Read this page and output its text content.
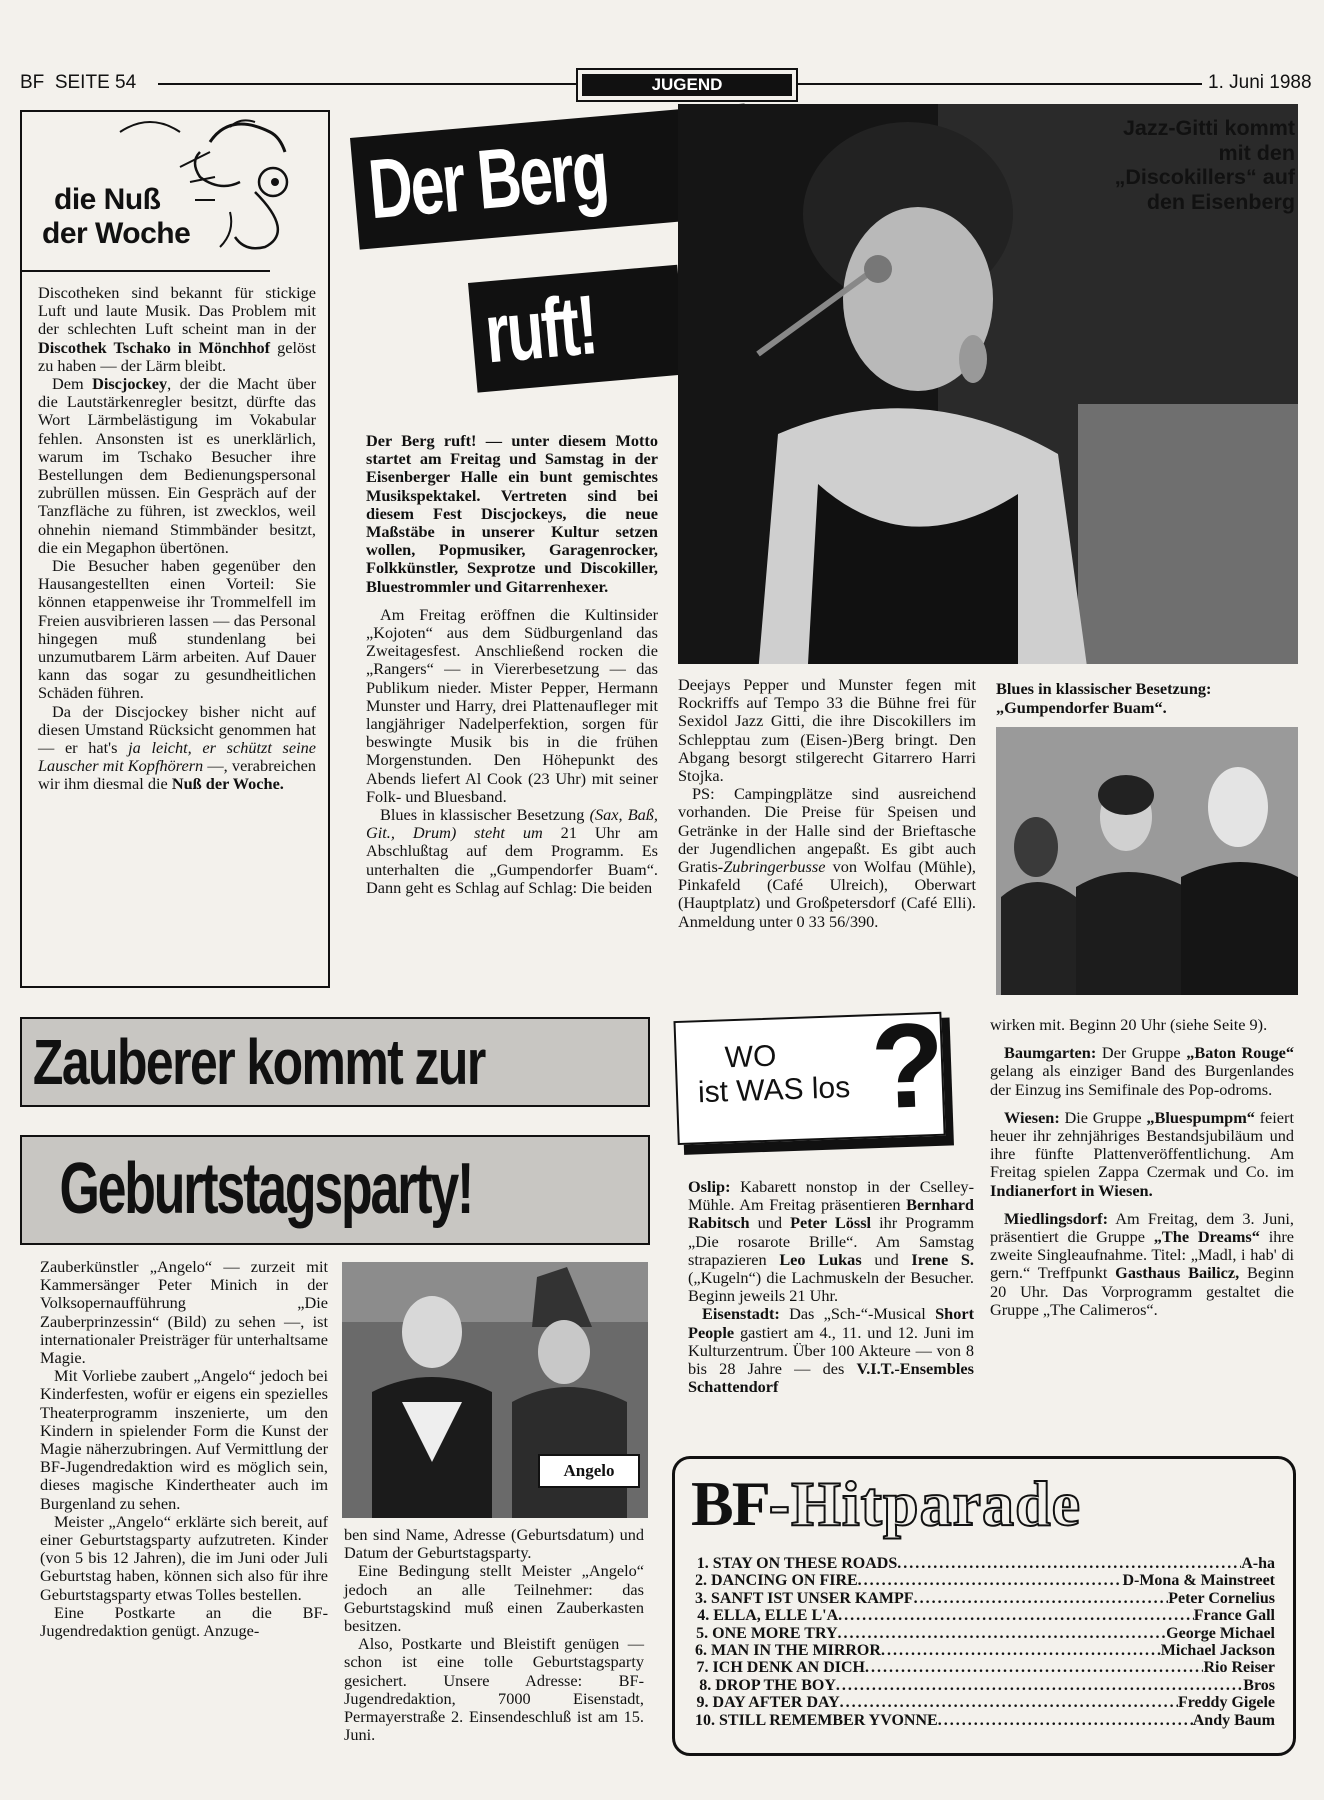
BF  SEITE 54	JUGEND	1. Juni 1988
die Nuß
der Woche

Discotheken sind bekannt für stickige Luft und laute Musik. Das Problem mit der schlechten Luft scheint man in der Discothek Tschako in Mönchhof gelöst zu haben — der Lärm bleibt.

Dem Discjockey, der die Macht über die Lautstärkenregler besitzt, dürfte das Wort Lärmbelästigung im Vokabular fehlen. Ansonsten ist es unerklärlich, warum im Tschako Besucher ihre Bestellungen dem Bedienungspersonal zubrüllen müssen. Ein Gespräch auf der Tanzfläche zu führen, ist zwecklos, weil ohnehin niemand Stimmbänder besitzt, die ein Megaphon übertönen.

Die Besucher haben gegenüber den Hausangestellten einen Vorteil: Sie können etappenweise ihr Trommelfell im Freien ausvibrieren lassen — das Personal hingegen muß stundenlang bei unzumutbarem Lärm arbeiten. Auf Dauer kann das sogar zu gesundheitlichen Schäden führen.

Da der Discjockey bisher nicht auf diesen Umstand Rücksicht genommen hat — er hat's ja leicht, er schützt seine Lauscher mit Kopfhörern —, verabreichen wir ihm diesmal die Nuß der Woche.

Der Berg
ruft!
Jazz-Gitti kommt mit den „Discokillers“ auf den Eisenberg

Der Berg ruft! — unter diesem Motto startet am Freitag und Samstag in der Eisenberger Halle ein bunt gemischtes Musikspektakel. Vertreten sind bei diesem Fest Discjockeys, die neue Maßstäbe in unserer Kultur setzen wollen, Popmusiker, Garagenrocker, Folkkünstler, Sexprotze und Discokiller, Bluestrommler und Gitarrenhexer.

Am Freitag eröffnen die Kultinsider „Kojoten“ aus dem Südburgenland das Zweitagesfest. Anschließend rocken die „Rangers“ — in Viererbesetzung — das Publikum nieder. Mister Pepper, Hermann Munster und Harry, drei Plattenaufleger mit langjähriger Nadelperfektion, sorgen für beswingte Musik bis in die frühen Morgenstunden. Den Höhepunkt des Abends liefert Al Cook (23 Uhr) mit seiner Folk- und Bluesband.

Blues in klassischer Besetzung (Sax, Baß, Git., Drum) steht um 21 Uhr am Abschlußtag auf dem Programm. Es unterhalten die „Gumpendorfer Buam“. Dann geht es Schlag auf Schlag: Die beiden

Deejays Pepper und Munster fegen mit Rockriffs auf Tempo 33 die Bühne frei für Sexidol Jazz Gitti, die ihre Discokillers im Schlepptau zum (Eisen-)Berg bringt. Den Abgang besorgt stilgerecht Gitarrero Harri Stojka.

PS: Campingplätze sind ausreichend vorhanden. Die Preise für Speisen und Getränke in der Halle sind der Brieftasche der Jugendlichen angepaßt. Es gibt auch Gratis-Zubringerbusse von Wolfau (Mühle), Pinkafeld (Café Ulreich), Oberwart (Hauptplatz) und Großpetersdorf (Café Elli). Anmeldung unter 0 33 56/390.

Blues in klassischer Besetzung: „Gumpendorfer Buam“.
Zauberer kommt zur
Geburtstagsparty!

Zauberkünstler „Angelo“ — zurzeit mit Kammersänger Peter Minich in der Volksopernaufführung „Die Zauberprinzessin“ (Bild) zu sehen —, ist internationaler Preisträger für unterhaltsame Magie.

Mit Vorliebe zaubert „Angelo“ jedoch bei Kinderfesten, wofür er eigens ein spezielles Theaterprogramm inszenierte, um den Kindern in spielender Form die Kunst der Magie näherzubringen. Auf Vermittlung der BF-Jugendredaktion wird es möglich sein, dieses magische Kindertheater auch im Burgenland zu sehen.

Meister „Angelo“ erklärte sich bereit, auf einer Geburtstagsparty aufzutreten. Kinder (von 5 bis 12 Jahren), die im Juni oder Juli Geburtstag haben, können sich also für ihre Geburtstagsparty etwas Tolles bestellen.

Eine Postkarte an die BF-Jugendredaktion genügt. Anzuge-

Angelo

ben sind Name, Adresse (Geburtsdatum) und Datum der Geburtstagsparty.

Eine Bedingung stellt Meister „Angelo“ jedoch an alle Teilnehmer: das Geburtstagskind muß einen Zauberkasten besitzen.

Also, Postkarte und Bleistift genügen — schon ist eine tolle Geburtstagsparty gesichert. Unsere Adresse: BF-Jugendredaktion, 7000 Eisenstadt, Permayerstraße 2. Einsendeschluß ist am 15. Juni.

WO
ist WAS los ?

Oslip: Kabarett nonstop in der Cselley-Mühle. Am Freitag präsentieren Bernhard Rabitsch und Peter Lössl ihr Programm „Die rosarote Brille“. Am Samstag strapazieren Leo Lukas und Irene S. („Kugeln“) die Lachmuskeln der Besucher. Beginn jeweils 21 Uhr.

Eisenstadt: Das „Sch-“-Musical Short People gastiert am 4., 11. und 12. Juni im Kulturzentrum. Über 100 Akteure — von 8 bis 28 Jahre — des V.I.T.-Ensembles Schattendorf

wirken mit. Beginn 20 Uhr (siehe Seite 9).

Baumgarten: Der Gruppe „Baton Rouge“ gelang als einziger Band des Burgenlandes der Einzug ins Semifinale des Pop-odroms.

Wiesen: Die Gruppe „Bluespumpm“ feiert heuer ihr zehnjähriges Bestandsjubiläum und ihre fünfte Plattenveröffentlichung. Am Freitag spielen Zappa Czermak und Co. im Indianerfort in Wiesen.

Miedlingsdorf: Am Freitag, dem 3. Juni, präsentiert die Gruppe „The Dreams“ ihre zweite Singleaufnahme. Titel: „Madl, i hab' di gern.“ Treffpunkt Gasthaus Bailicz, Beginn 20 Uhr. Das Vorprogramm gestaltet die Gruppe „The Calimeros“.

BF-Hitparade
1. STAY ON THESE ROADS .....	A-ha
2. DANCING ON FIRE .....	D-Mona & Mainstreet
3. SANFT IST UNSER KAMPF .....	Peter Cornelius
4. ELLA, ELLE L'A .....	France Gall
5. ONE MORE TRY .....	George Michael
6. MAN IN THE MIRROR .....	Michael Jackson
7. ICH DENK AN DICH .....	Rio Reiser
8. DROP THE BOY .....	Bros
9. DAY AFTER DAY .....	Freddy Gigele
10. STILL REMEMBER YVONNE .....	Andy Baum
